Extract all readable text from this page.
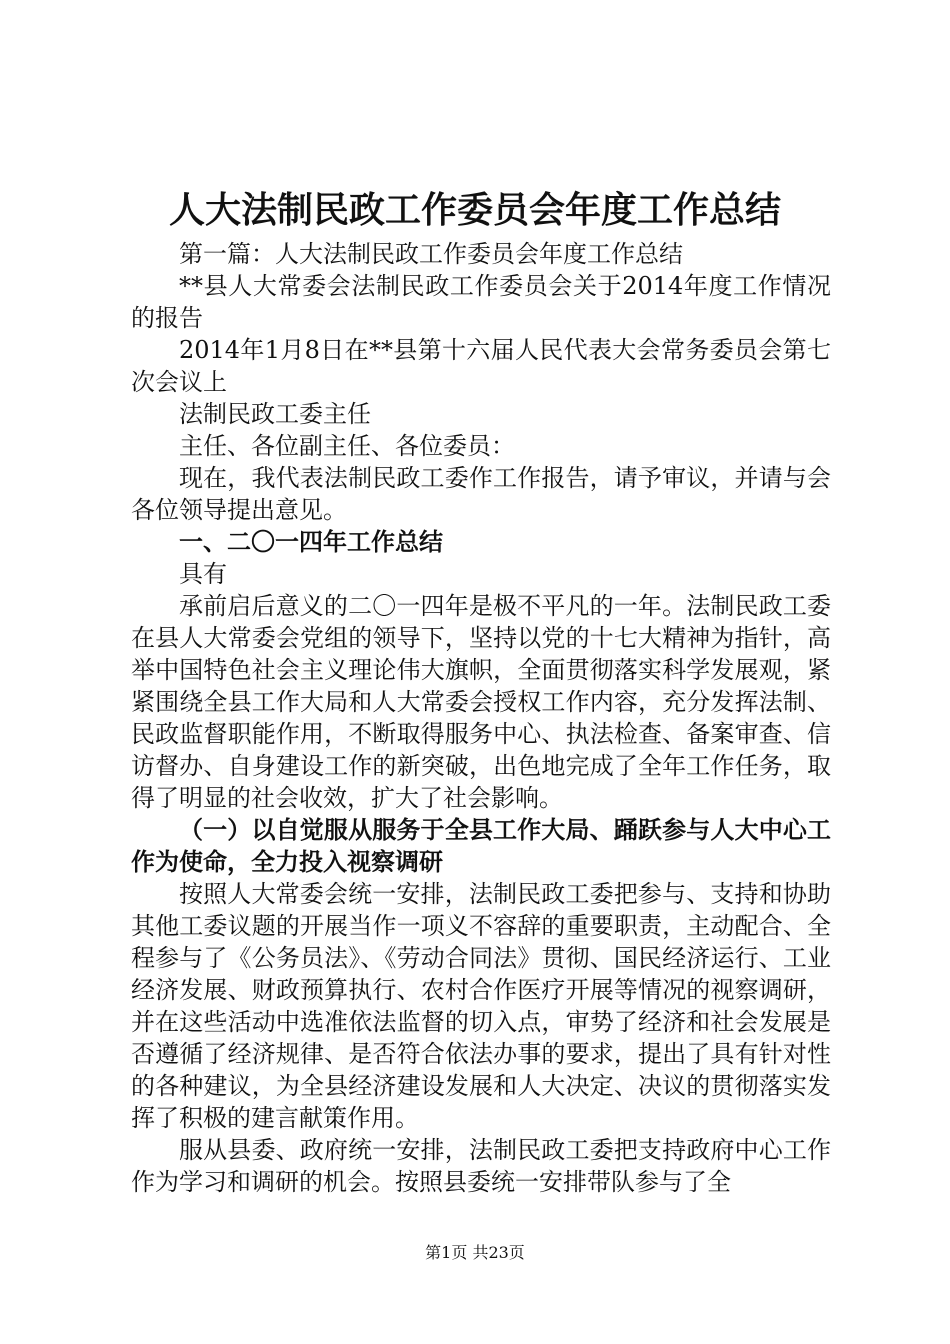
人大法制民政工作委员会年度工作总结

第一篇：人大法制民政工作委员会年度工作总结

**县人大常委会法制民政工作委员会关于2014年度工作情况的报告

2014年1月8日在**县第十六届人民代表大会常务委员会第七次会议上

法制民政工委主任

主任、各位副主任、各位委员：

现在，我代表法制民政工委作工作报告，请予审议，并请与会各位领导提出意见。

一、二〇一四年工作总结

具有

承前启后意义的二〇一四年是极不平凡的一年。法制民政工委在县人大常委会党组的领导下，坚持以党的十七大精神为指针，高举中国特色社会主义理论伟大旗帜，全面贯彻落实科学发展观，紧紧围绕全县工作大局和人大常委会授权工作内容，充分发挥法制、民政监督职能作用，不断取得服务中心、执法检查、备案审查、信访督办、自身建设工作的新突破，出色地完成了全年工作任务，取得了明显的社会收效，扩大了社会影响。

（一）以自觉服从服务于全县工作大局、踊跃参与人大中心工作为使命，全力投入视察调研

按照人大常委会统一安排，法制民政工委把参与、支持和协助其他工委议题的开展当作一项义不容辞的重要职责，主动配合、全程参与了《公务员法》、《劳动合同法》贯彻、国民经济运行、工业经济发展、财政预算执行、农村合作医疗开展等情况的视察调研，并在这些活动中选准依法监督的切入点，审势了经济和社会发展是否遵循了经济规律、是否符合依法办事的要求，提出了具有针对性的各种建议，为全县经济建设发展和人大决定、决议的贯彻落实发挥了积极的建言献策作用。

服从县委、政府统一安排，法制民政工委把支持政府中心工作作为学习和调研的机会。按照县委统一安排带队参与了全

第1页 共23页
